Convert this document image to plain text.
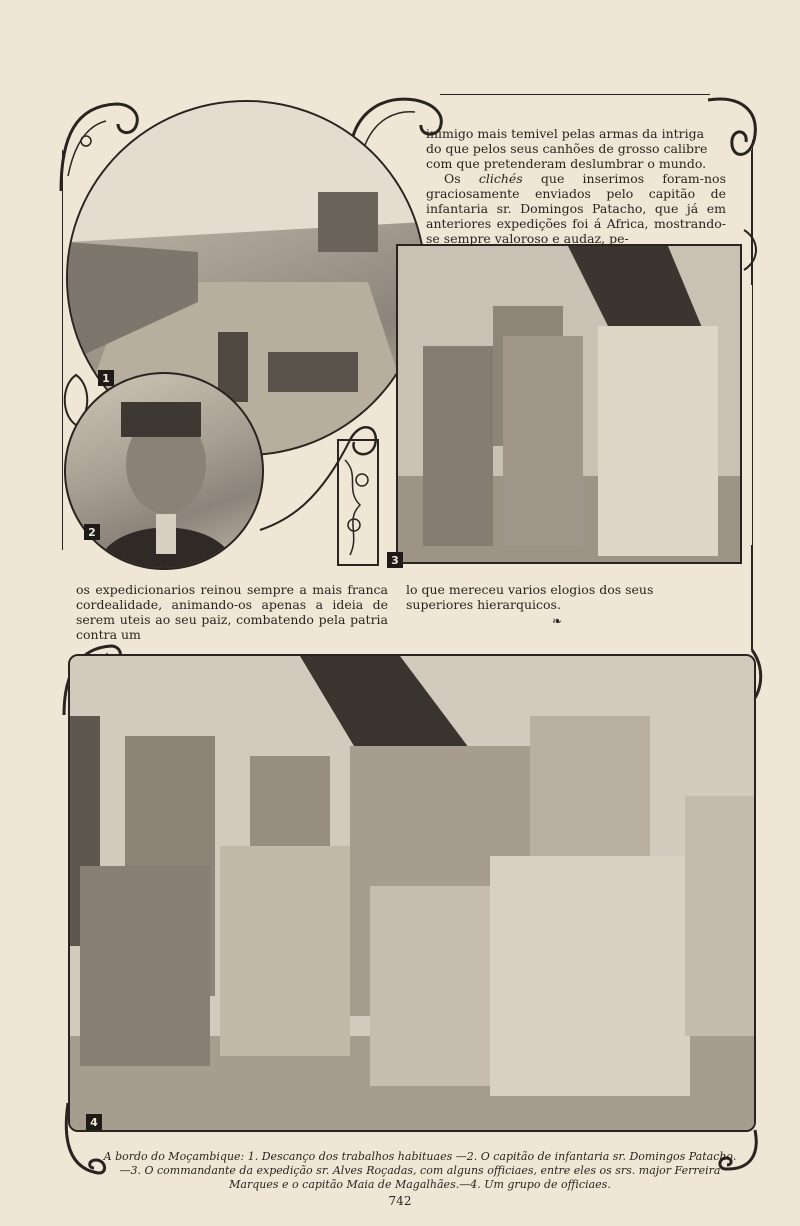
1
2
3

inimigo mais temivel pelas armas da intriga

do que pelos seus canhões de grosso calibre

com que pretenderam deslumbrar o mundo.

Os clichés que inserimos foram-nos graciosamente enviados pelo capitão de infantaria sr. Domingos Patacho, que já em anteriores expedições foi á Africa, mostrando-se sempre valoroso e audaz, pe-

os expedicionarios reinou sempre a mais franca cordealidade, animando-os apenas a ideia de serem uteis ao seu paiz, combatendo pela patria contra um
lo que mereceu varios elogios dos seus superiores hierarquicos.
❧
4
A bordo do Moçambique: 1. Descanço dos trabalhos habituaes —2. O capitão de infantaria sr. Domingos Patacho.—3. O commandante da expedição sr. Alves Roçadas, com alguns officiaes, entre eles os srs. major Ferreira Marques e o capitão Maia de Magalhães.—4. Um grupo de officiaes.
742
